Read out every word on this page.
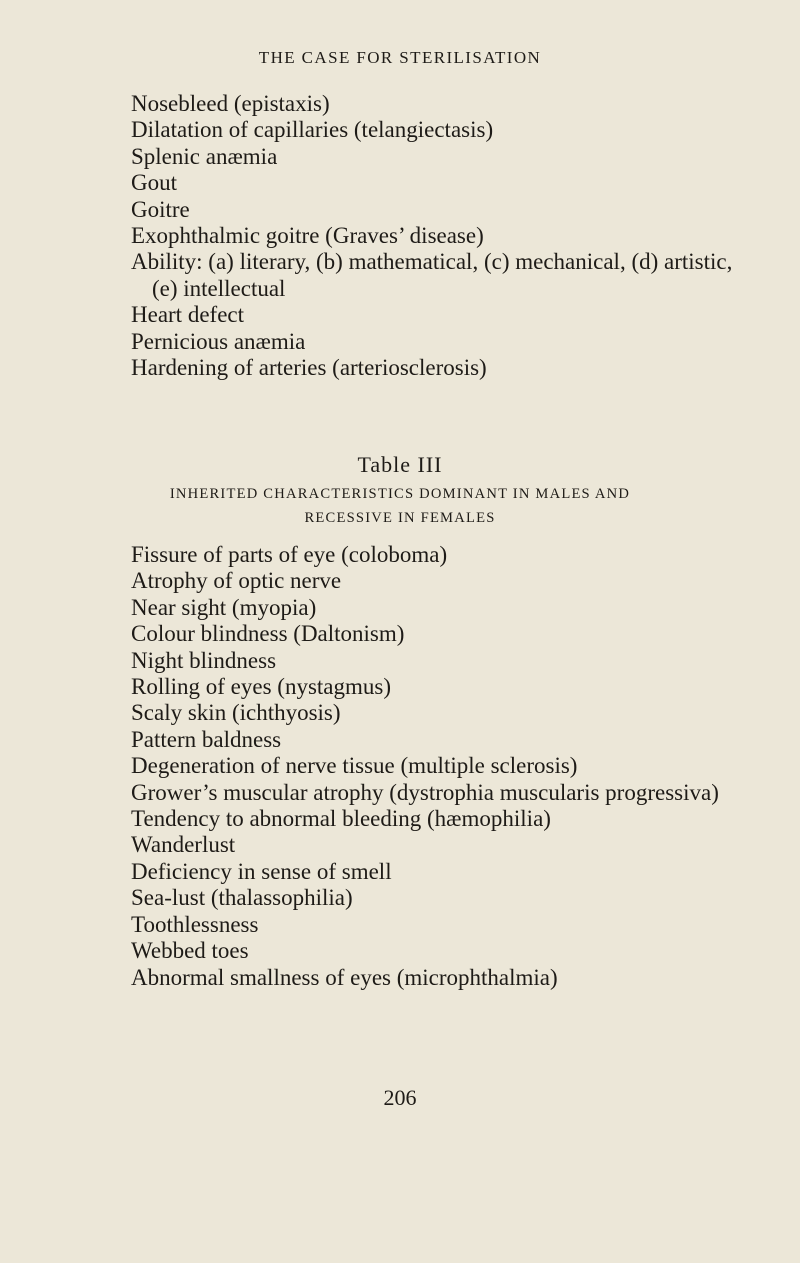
THE CASE FOR STERILISATION
Nosebleed (epistaxis)
Dilatation of capillaries (telangiectasis)
Splenic anæmia
Gout
Goitre
Exophthalmic goitre (Graves’ disease)
Ability: (a) literary, (b) mathematical, (c) mechanical, (d) artistic,
(e) intellectual
Heart defect
Pernicious anæmia
Hardening of arteries (arteriosclerosis)
Table III
INHERITED CHARACTERISTICS DOMINANT IN MALES AND
RECESSIVE IN FEMALES
Fissure of parts of eye (coloboma)
Atrophy of optic nerve
Near sight (myopia)
Colour blindness (Daltonism)
Night blindness
Rolling of eyes (nystagmus)
Scaly skin (ichthyosis)
Pattern baldness
Degeneration of nerve tissue (multiple sclerosis)
Grower’s muscular atrophy (dystrophia muscularis progressiva)
Tendency to abnormal bleeding (hæmophilia)
Wanderlust
Deficiency in sense of smell
Sea-lust (thalassophilia)
Toothlessness
Webbed toes
Abnormal smallness of eyes (microphthalmia)
206
